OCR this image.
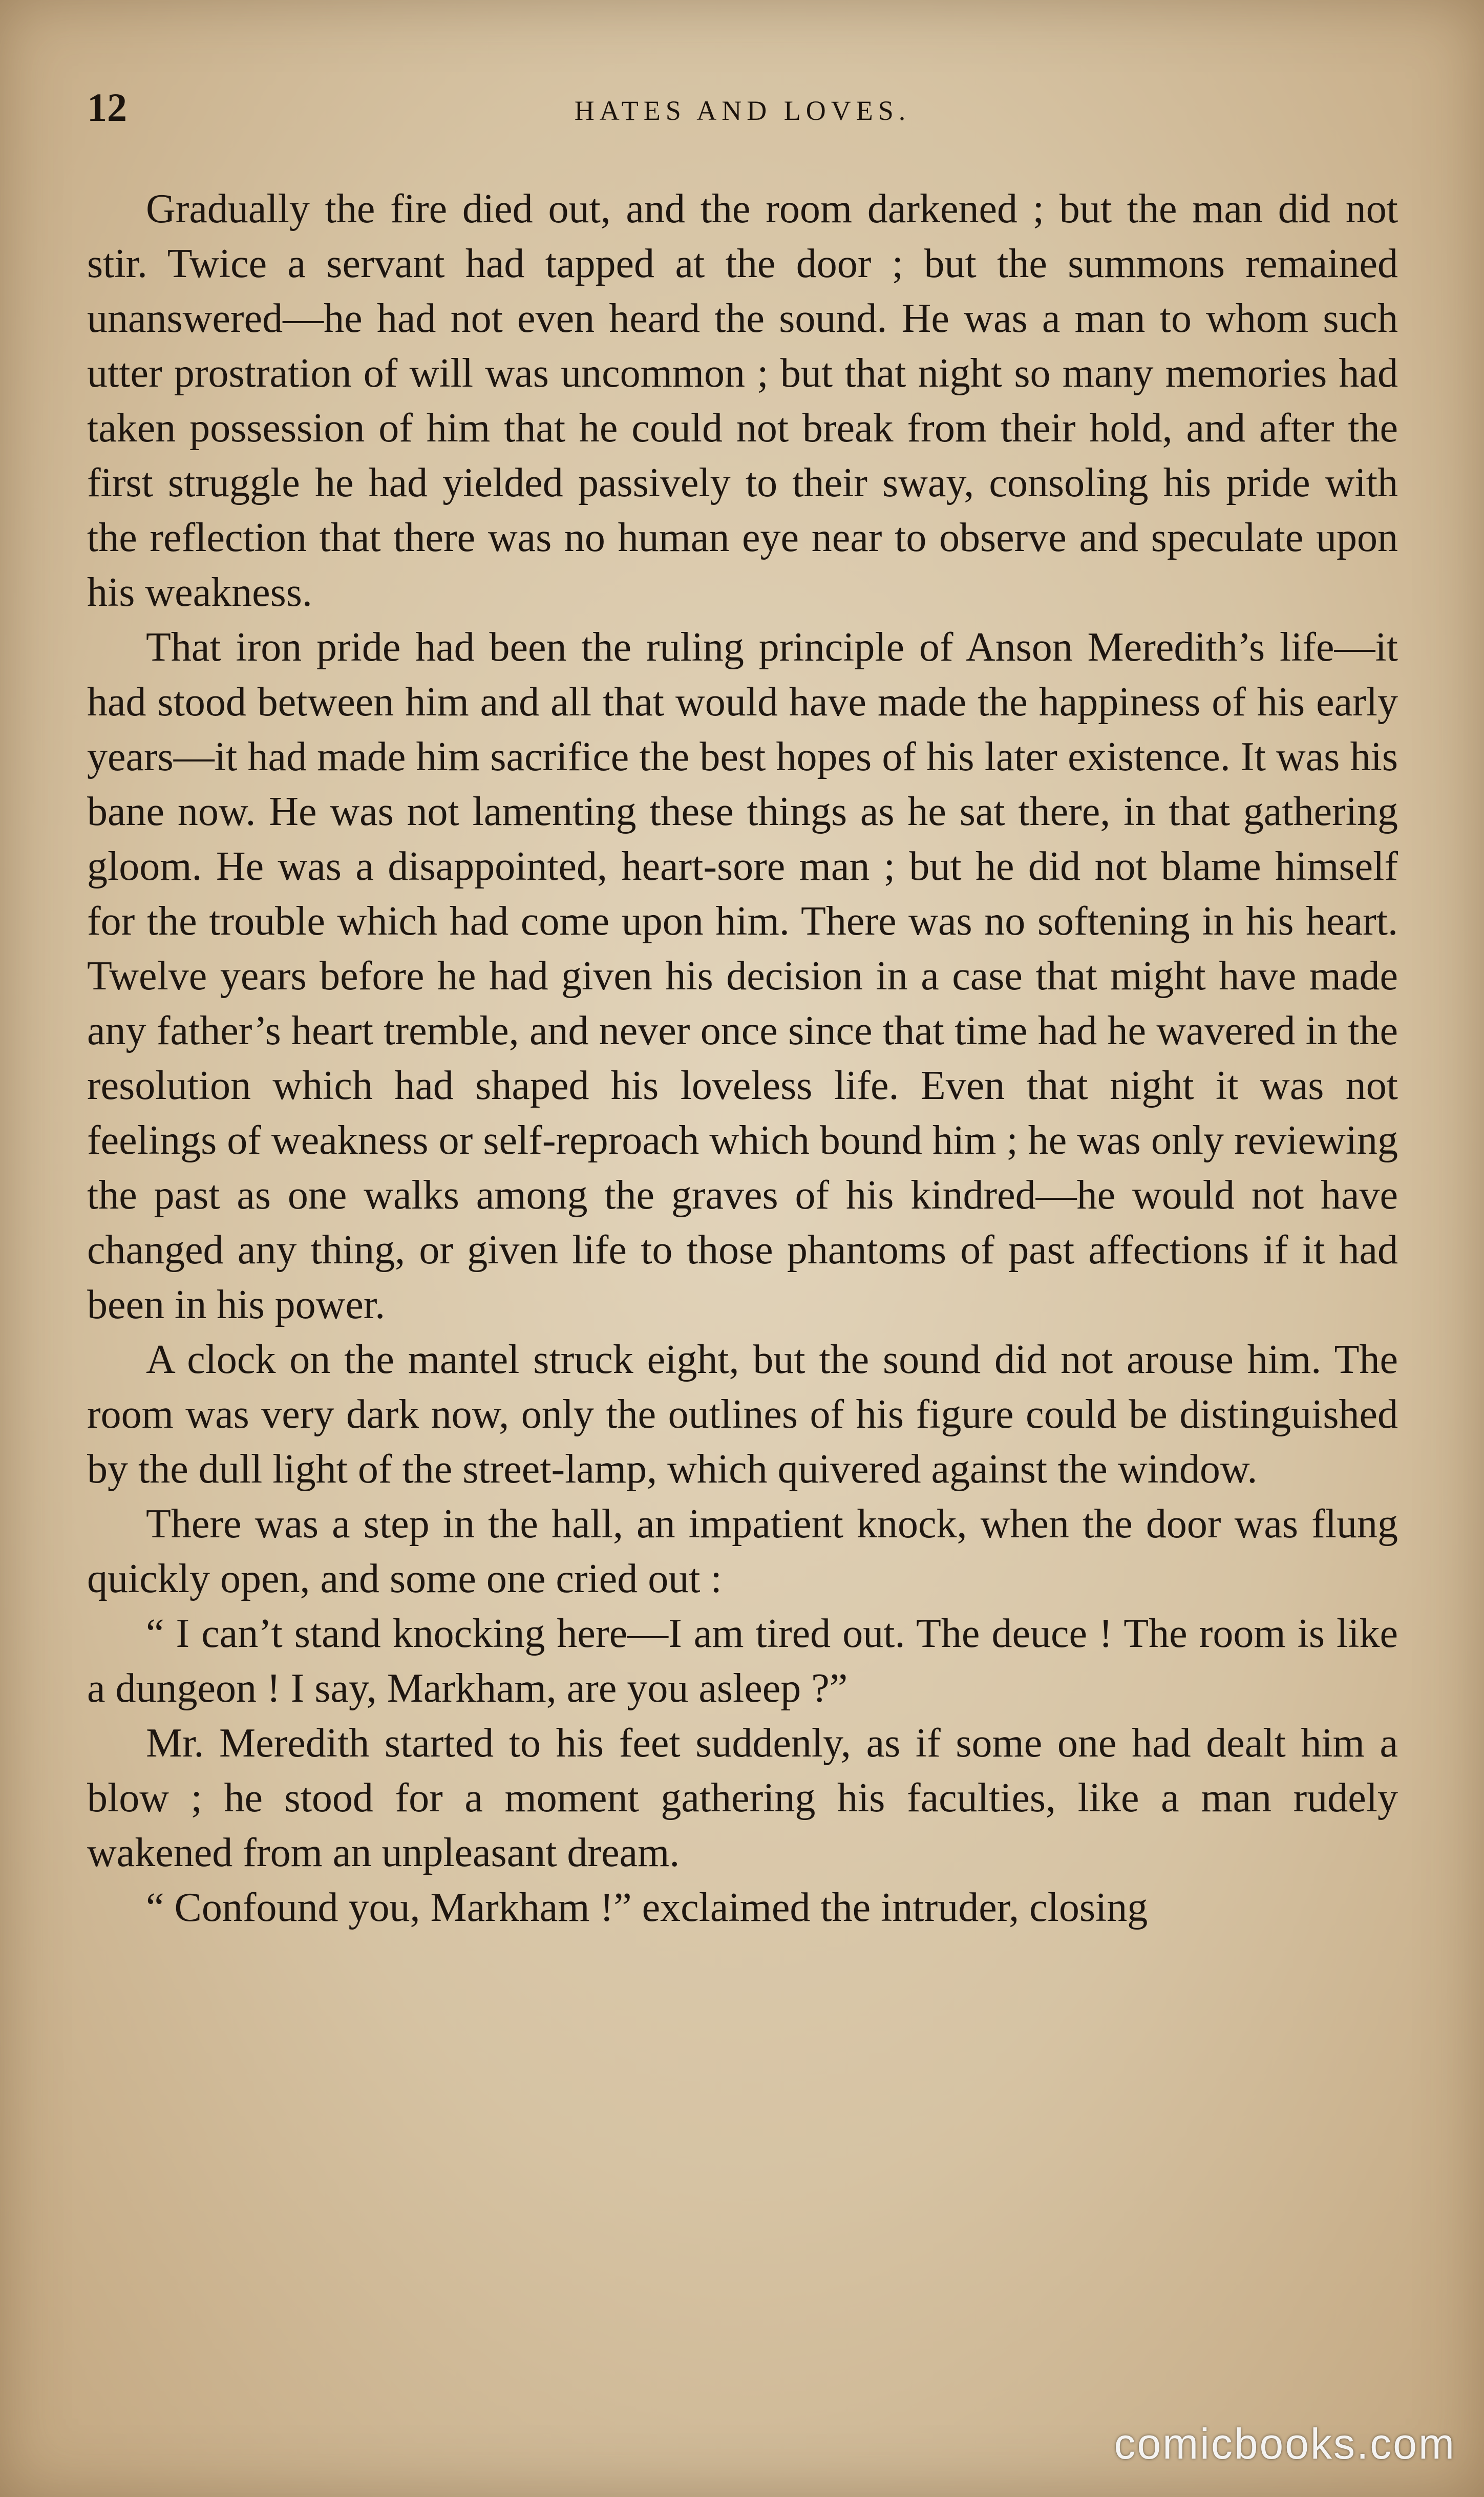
12	HATES AND LOVES.

Gradually the fire died out, and the room darkened ; but the man did not stir. Twice a servant had tapped at the door ; but the summons remained unanswered—he had not even heard the sound. He was a man to whom such utter prostration of will was uncommon ; but that night so many memories had taken possession of him that he could not break from their hold, and after the first struggle he had yielded passively to their sway, consoling his pride with the reflection that there was no human eye near to observe and speculate upon his weakness.

That iron pride had been the ruling principle of Anson Meredith’s life—it had stood between him and all that would have made the happiness of his early years—it had made him sacrifice the best hopes of his later existence. It was his bane now. He was not lamenting these things as he sat there, in that gathering gloom. He was a disappointed, heart-sore man ; but he did not blame himself for the trouble which had come upon him. There was no softening in his heart. Twelve years before he had given his decision in a case that might have made any father’s heart tremble, and never once since that time had he wavered in the resolution which had shaped his loveless life. Even that night it was not feelings of weakness or self-reproach which bound him ; he was only reviewing the past as one walks among the graves of his kindred—he would not have changed any thing, or given life to those phantoms of past affections if it had been in his power.

A clock on the mantel struck eight, but the sound did not arouse him. The room was very dark now, only the outlines of his figure could be distinguished by the dull light of the street-lamp, which quivered against the window.

There was a step in the hall, an impatient knock, when the door was flung quickly open, and some one cried out :

“ I can’t stand knocking here—I am tired out. The deuce ! The room is like a dungeon ! I say, Markham, are you asleep ?”

Mr. Meredith started to his feet suddenly, as if some one had dealt him a blow ; he stood for a moment gathering his faculties, like a man rudely wakened from an unpleasant dream.

“ Confound you, Markham !” exclaimed the intruder, closing

comicbooks.com
